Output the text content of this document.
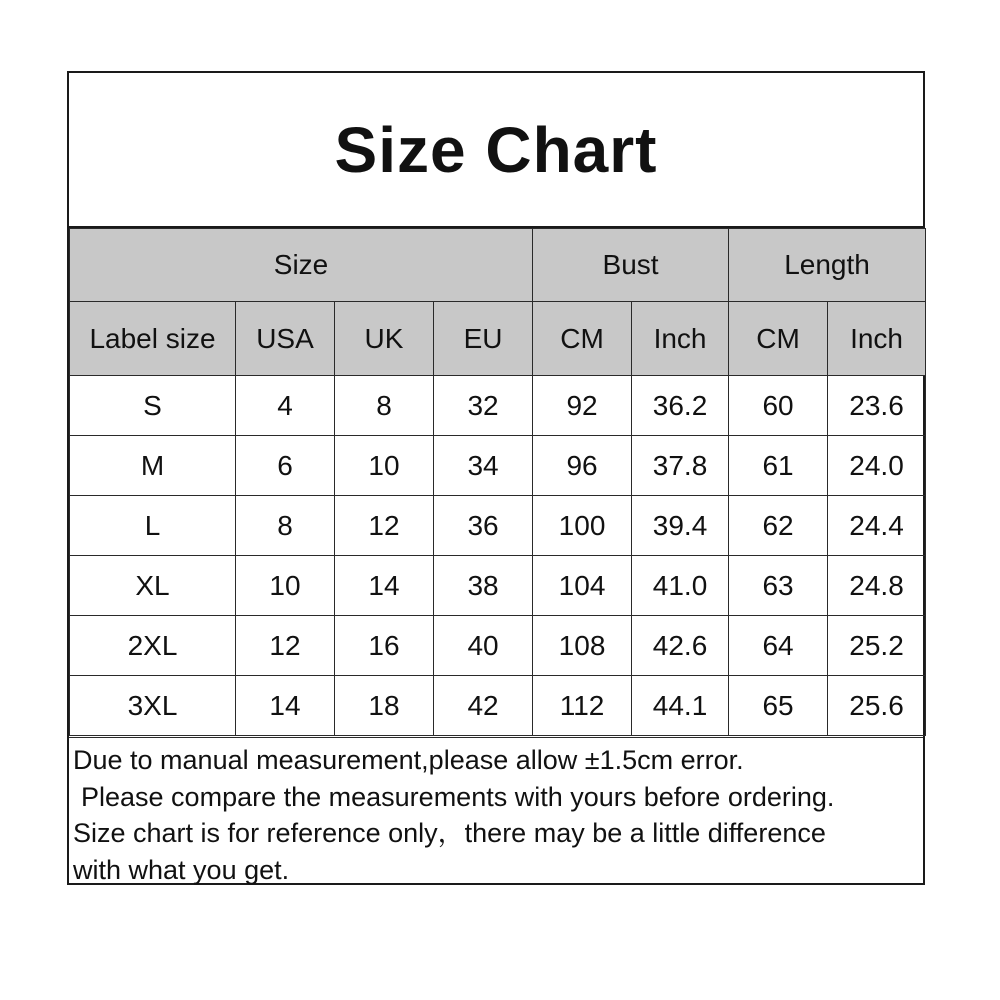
Size Chart
Size				Bust		Length	
Label size	USA	UK	EU	CM	Inch	CM	Inch
S	4	8	32	92	36.2	60	23.6
M	6	10	34	96	37.8	61	24.0
L	8	12	36	100	39.4	62	24.4
XL	10	14	38	104	41.0	63	24.8
2XL	12	16	40	108	42.6	64	25.2
3XL	14	18	42	112	44.1	65	25.6
Due to manual measurement,please allow ±1.5cm error.
Please compare the measurements with yours before ordering.
Size chart is for reference only，there may be a little difference
with what you get.
